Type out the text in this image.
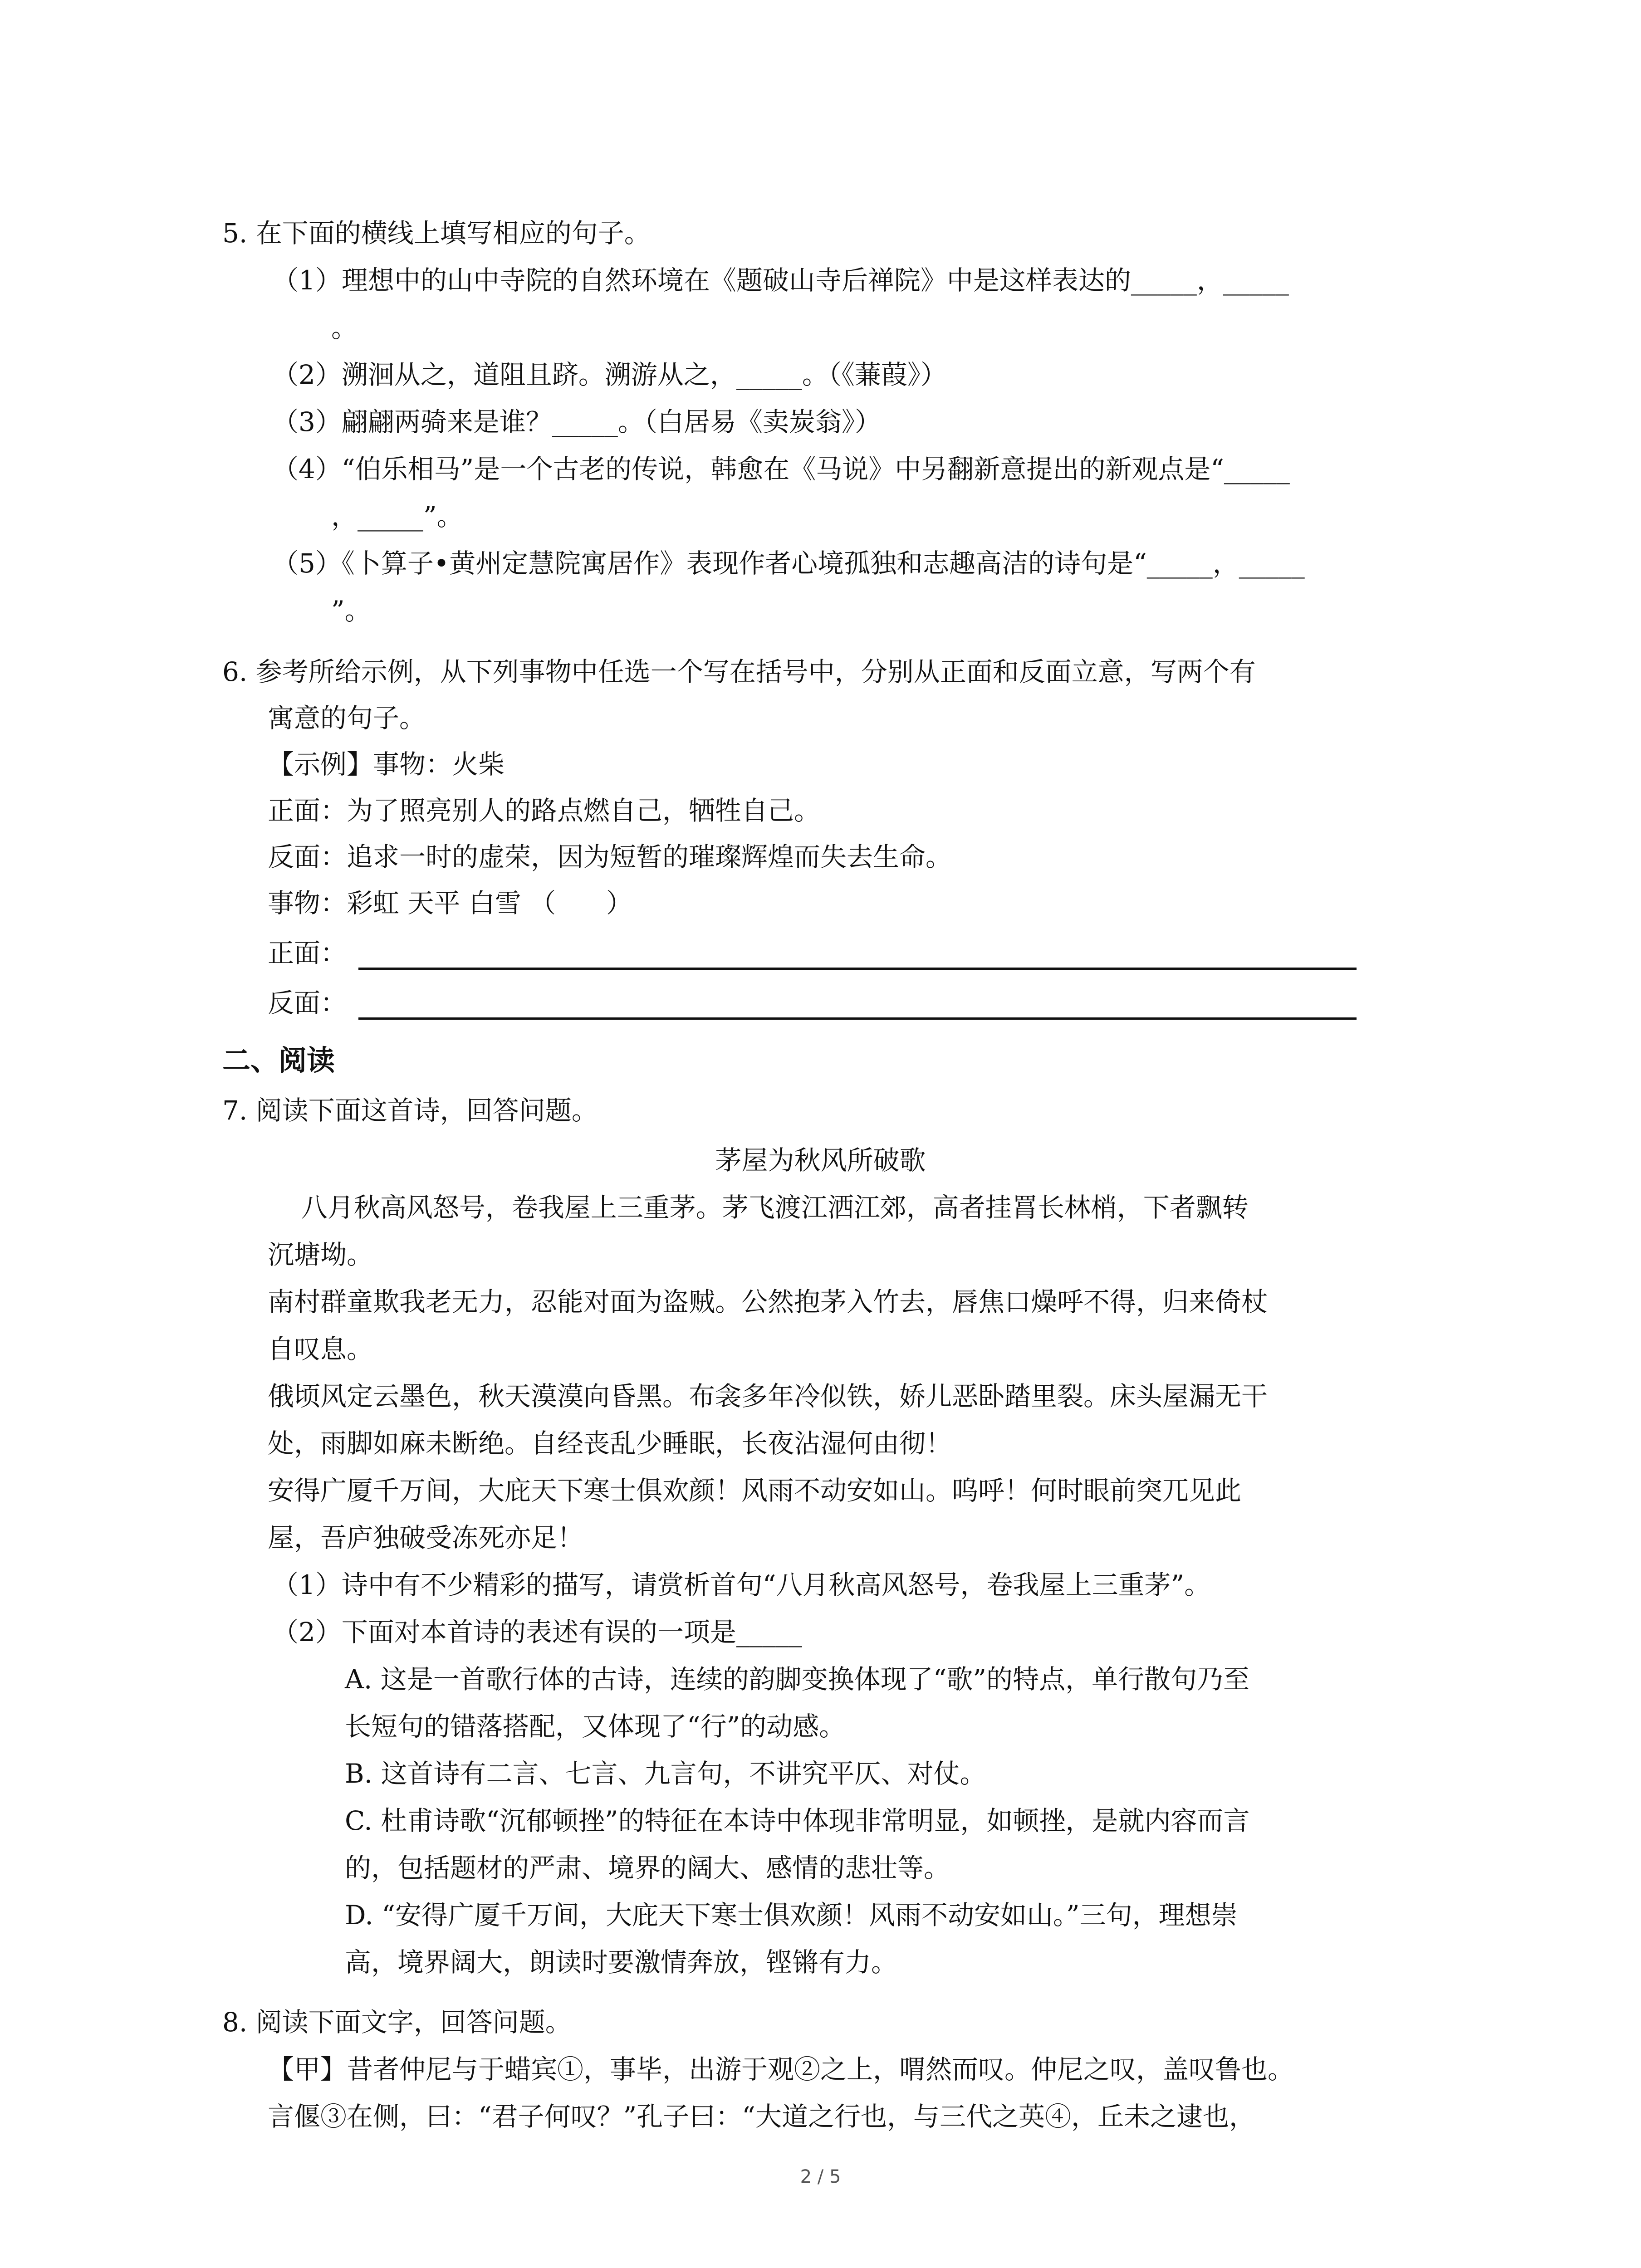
5. 在下面的横线上填写相应的句子。
（1）理想中的山中寺院的自然环境在《题破山寺后禅院》中是这样表达的_____，_____
。
（2）溯洄从之，道阻且跻。溯游从之，_____。（《蒹葭》）
（3）翩翩两骑来是谁？_____。（白居易《卖炭翁》）
（4）“伯乐相马”是一个古老的传说，韩愈在《马说》中另翻新意提出的新观点是“_____
，_____”。
（5）《卜算子•黄州定慧院寓居作》表现作者心境孤独和志趣高洁的诗句是“_____，_____
”。
6. 参考所给示例，从下列事物中任选一个写在括号中，分别从正面和反面立意，写两个有
寓意的句子。
【示例】事物：火柴
正面：为了照亮别人的路点燃自己，牺牲自己。
反面：追求一时的虚荣，因为短暂的璀璨辉煌而失去生命。
事物：彩虹 天平 白雪 （      ）
正面：
反面：
二、阅读
7. 阅读下面这首诗，回答问题。
茅屋为秋风所破歌
八月秋高风怒号，卷我屋上三重茅。茅飞渡江洒江郊，高者挂罥长林梢，下者飘转
沉塘坳。
南村群童欺我老无力，忍能对面为盗贼。公然抱茅入竹去，唇焦口燥呼不得，归来倚杖
自叹息。
俄顷风定云墨色，秋天漠漠向昏黑。布衾多年冷似铁，娇儿恶卧踏里裂。床头屋漏无干
处，雨脚如麻未断绝。自经丧乱少睡眠，长夜沾湿何由彻！
安得广厦千万间，大庇天下寒士俱欢颜！风雨不动安如山。呜呼！何时眼前突兀见此
屋，吾庐独破受冻死亦足！
（1）诗中有不少精彩的描写，请赏析首句“八月秋高风怒号，卷我屋上三重茅”。
（2）下面对本首诗的表述有误的一项是_____
A. 这是一首歌行体的古诗，连续的韵脚变换体现了“歌”的特点，单行散句乃至
长短句的错落搭配，又体现了“行”的动感。
B. 这首诗有二言、七言、九言句，不讲究平仄、对仗。
C. 杜甫诗歌“沉郁顿挫”的特征在本诗中体现非常明显，如顿挫，是就内容而言
的，包括题材的严肃、境界的阔大、感情的悲壮等。
D. “安得广厦千万间，大庇天下寒士俱欢颜！风雨不动安如山。”三句，理想崇
高，境界阔大，朗读时要激情奔放，铿锵有力。
8. 阅读下面文字，回答问题。
【甲】昔者仲尼与于蜡宾①，事毕，出游于观②之上，喟然而叹。仲尼之叹，盖叹鲁也。
言偃③在侧，曰：“君子何叹？”孔子曰：“大道之行也，与三代之英④，丘未之逮也，
2 / 5
